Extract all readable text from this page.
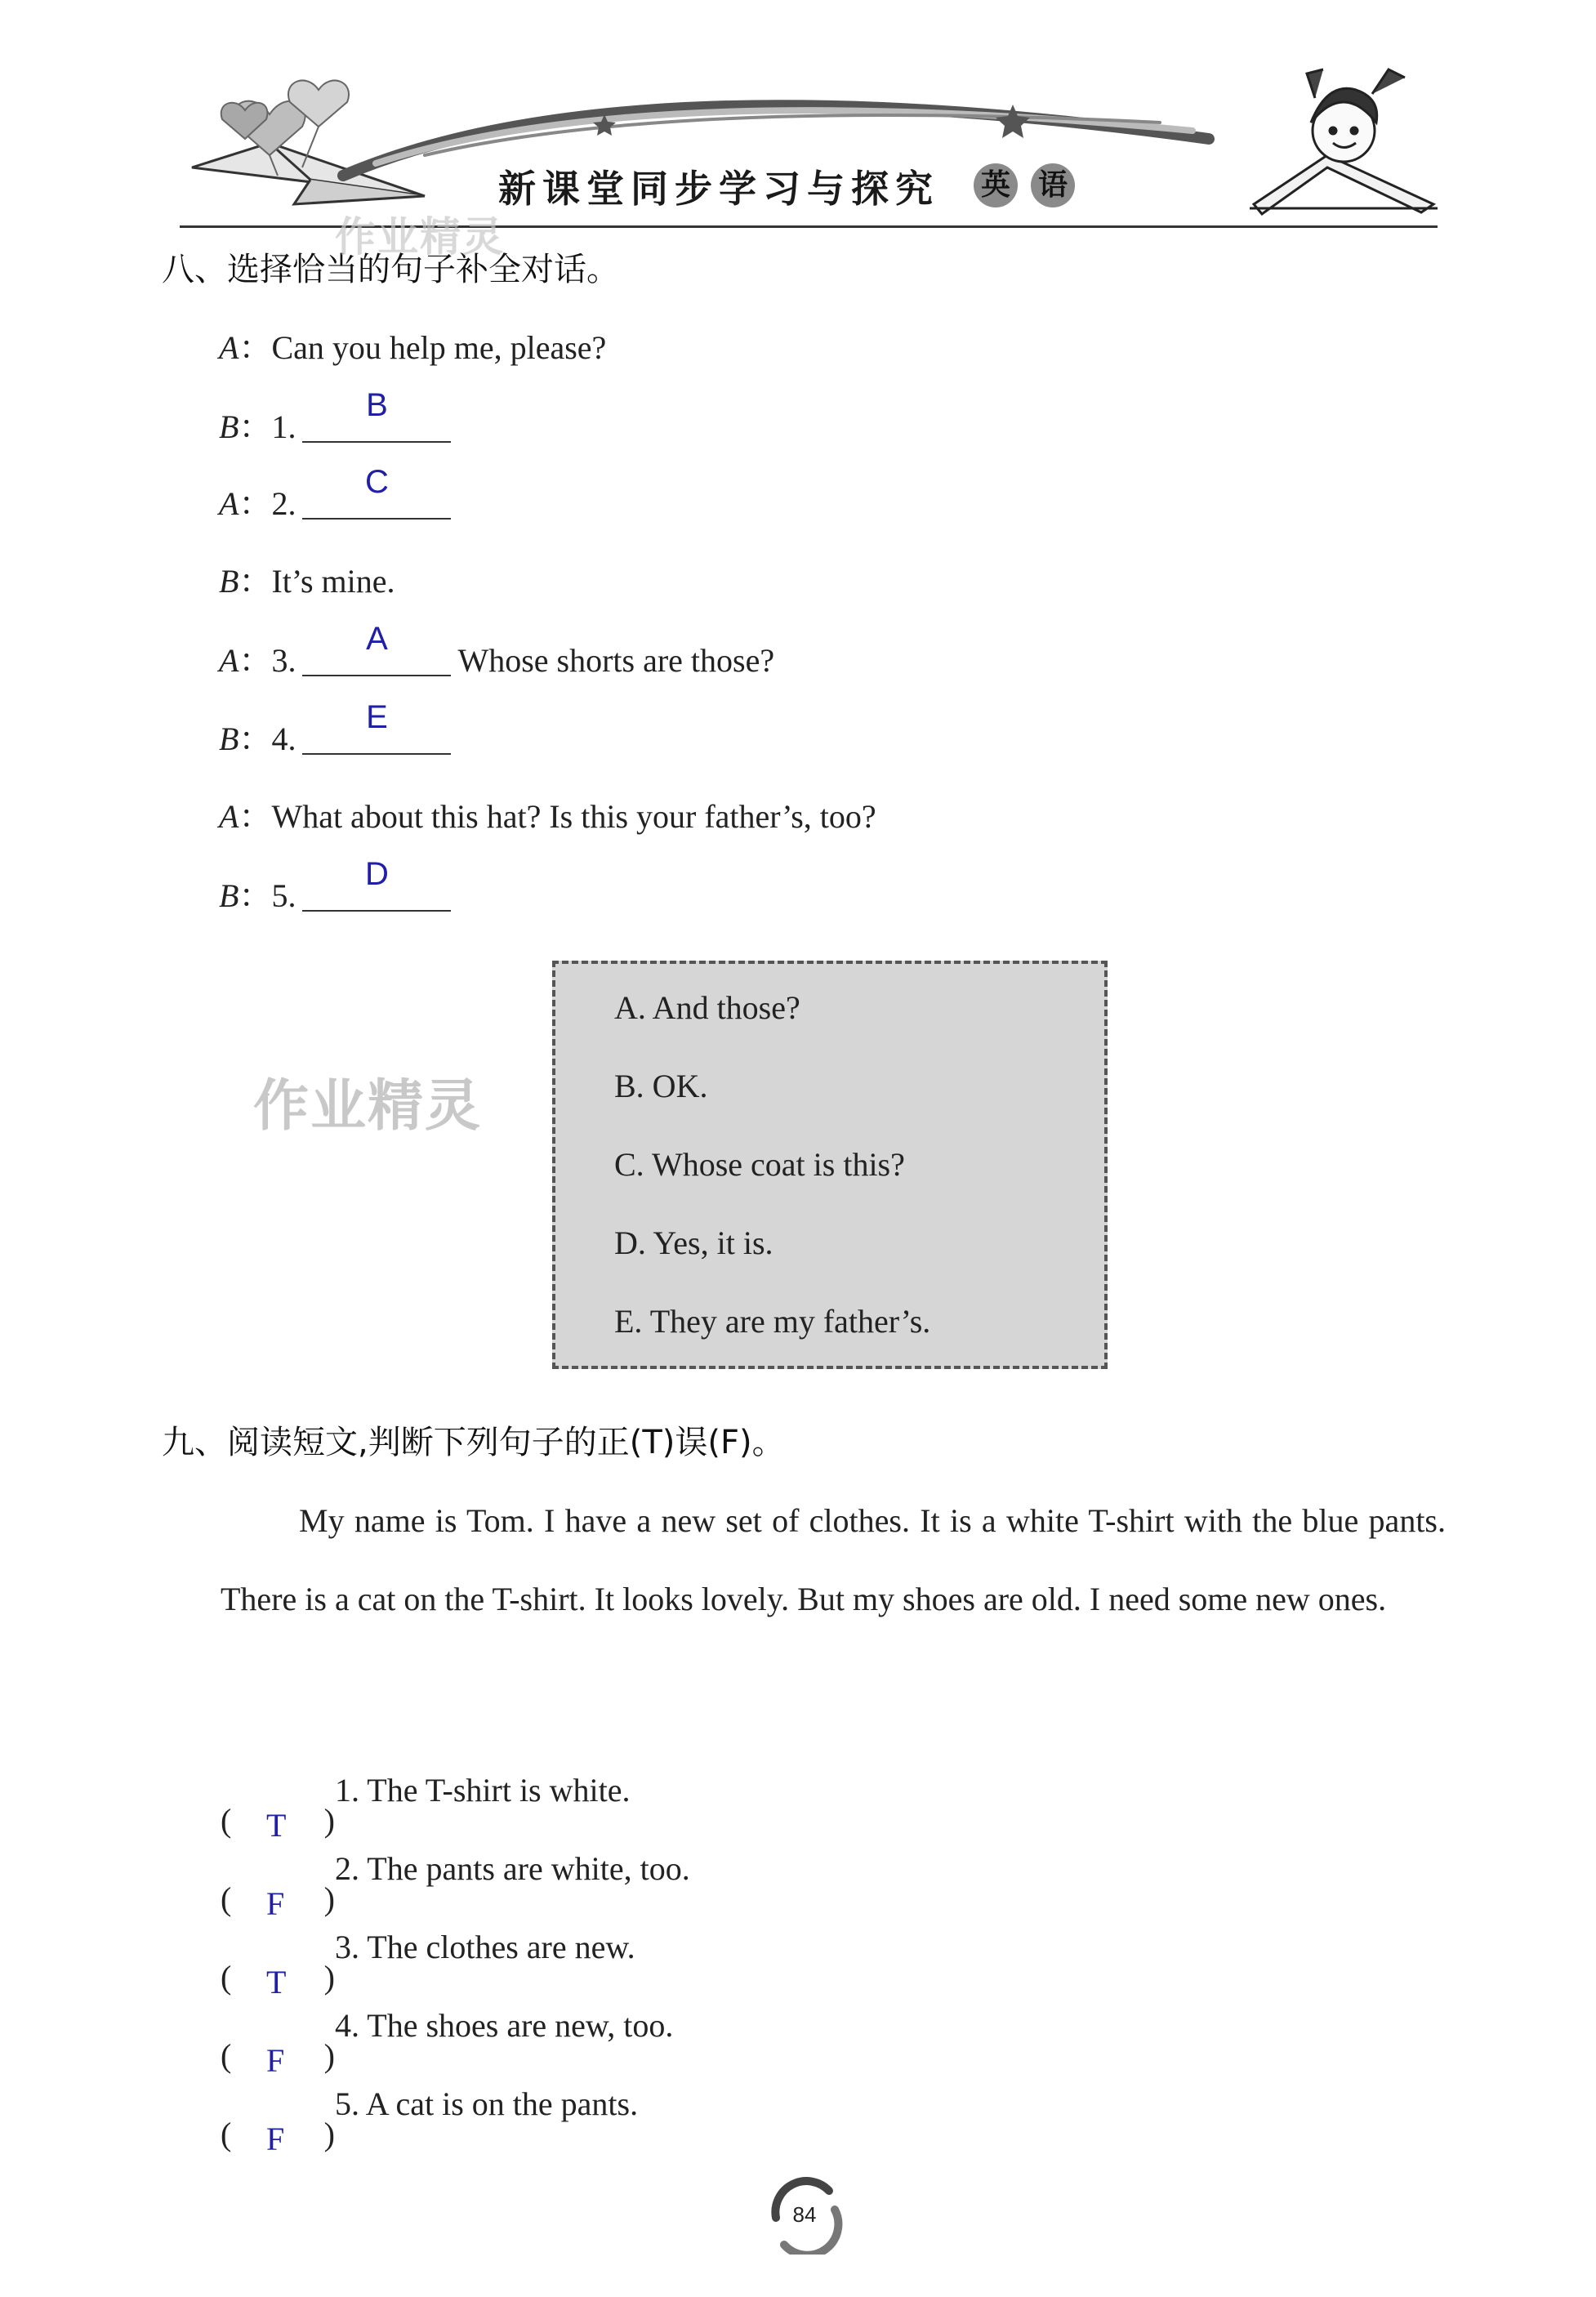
新课堂同步学习与探究 英 语
八、选择恰当的句子补全对话。
A：Can you help me, please?
B：1.
B
A：2.
C
B：It’s mine.
A：3.
A
Whose shorts are those?
B：4.
E
A：What about this hat? Is this your father’s, too?
B：5.
D
A. And those?
B. OK.
C. Whose coat is this?
D. Yes, it is.
E. They are my father’s.
作业精灵
作业精灵
九、阅读短文,判断下列句子的正(T)误(F)。
My name is Tom. I have a new set of clothes. It is a white T-shirt with the blue pants. There is a cat on the T-shirt. It looks lovely. But my shoes are old. I need some new ones.
( T )
1. The T-shirt is white.
( F )
2. The pants are white, too.
( T )
3. The clothes are new.
( F )
4. The shoes are new, too.
( F )
5. A cat is on the pants.
84
